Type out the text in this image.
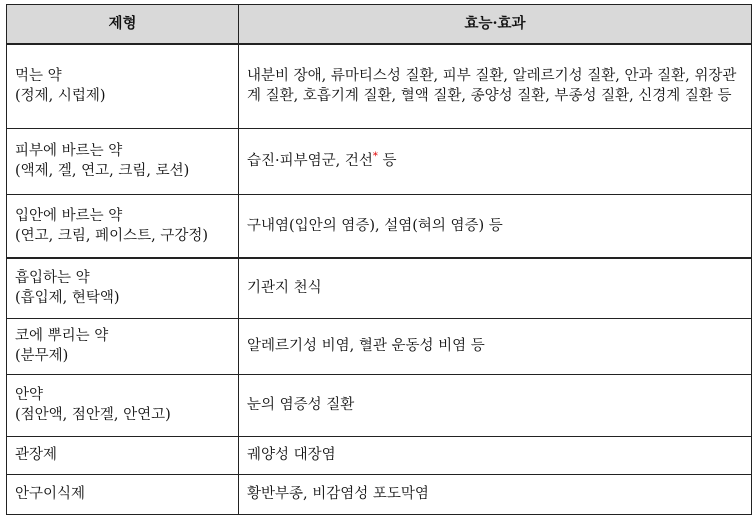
제형	효능·효과

먹는 약
(정제, 시럽제)	내분비 장애, 류마티스성 질환, 피부 질환, 알레르기성 질환, 안과 질환, 위장관계 질환, 호흡기계 질환, 혈액 질환, 종양성 질환, 부종성 질환, 신경계 질환 등

피부에 바르는 약
(액제, 겔, 연고, 크림, 로션)	습진·피부염군, 건선* 등

입안에 바르는 약
(연고, 크림, 페이스트, 구강정)	구내염(입안의 염증), 설염(혀의 염증) 등

흡입하는 약
(흡입제, 현탁액)	기관지 천식

코에 뿌리는 약
(분무제)	알레르기성 비염, 혈관 운동성 비염 등

안약
(점안액, 점안겔, 안연고)	눈의 염증성 질환

관장제	궤양성 대장염

안구이식제	황반부종, 비감염성 포도막염
